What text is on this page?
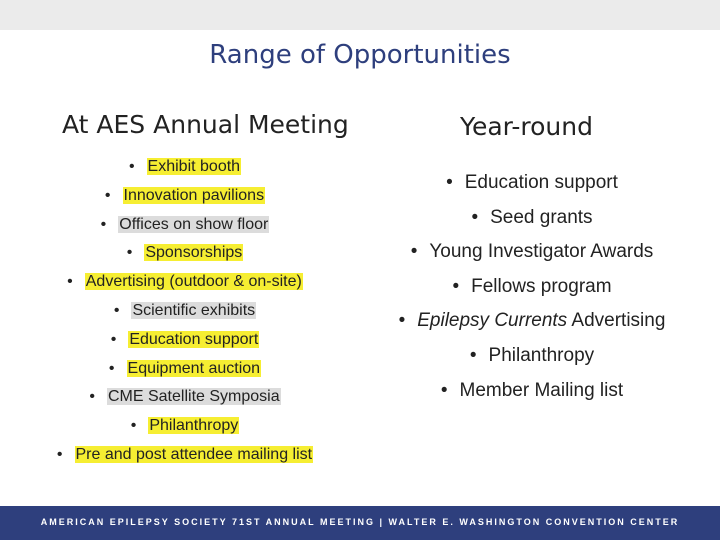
Range of Opportunities
At AES Annual Meeting	Year-round
• Exhibit booth
• Innovation pavilions
• Offices on show floor
• Sponsorships
• Advertising (outdoor & on-site)
• Scientific exhibits
• Education support
• Equipment auction
• CME Satellite Symposia
• Philanthropy
• Pre and post attendee mailing list
• Education support
• Seed grants
• Young Investigator Awards
• Fellows program
• Epilepsy Currents Advertising
• Philanthropy
• Member Mailing list
AMERICAN EPILEPSY SOCIETY 71ST ANNUAL MEETING | WALTER E. WASHINGTON CONVENTION CENTER
